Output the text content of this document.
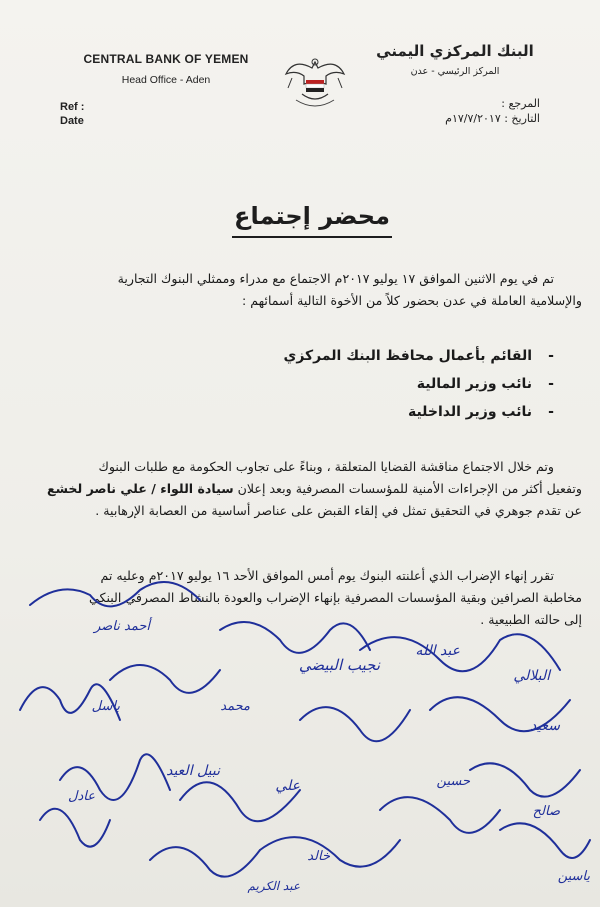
CENTRAL BANK OF YEMEN
Head Office - Aden
Ref :
Date
البنك المركزي اليمني
المركز الرئيسي - عدن
المرجع :
التاريخ : ١٧/٧/٢٠١٧م
محضر إجتماع
تم في يوم الاثنين الموافق ١٧ يوليو ٢٠١٧م الاجتماع مع مدراء وممثلي البنوك التجارية
والإسلامية العاملة في عدن بحضور كلاً من الأخوة التالية أسمائهم :
-
القائم بأعمال محافظ البنك المركزي
-
نائب وزير المالية
-
نائب وزير الداخلية
وتم خلال الاجتماع مناقشة القضايا المتعلقة ، وبناءً على تجاوب الحكومة مع طلبات البنوك
وتفعيل أكثر من الإجراءات الأمنية للمؤسسات المصرفية وبعد إعلان سيادة اللواء / علي ناصر لخشع
عن تقدم جوهري في التحقيق تمثل في إلقاء القبض على عناصر أساسية من العصابة الإرهابية .
تقرر إنهاء الإضراب الذي أعلنته البنوك يوم أمس الموافق الأحد ١٦ يوليو ٢٠١٧م وعليه تم
مخاطبة الصرافين وبقية المؤسسات المصرفية بإنهاء الإضراب والعودة بالنشاط المصرفي البنكي
إلى حالته الطبيعية .
عبد الله
أحمد ناصر
سعيد
محمد
نجيب البيضي
باسل
علي
صالح
البلالي
عادل
نبيل العيد
خالد
عبد الكريم
حسين
ياسين
